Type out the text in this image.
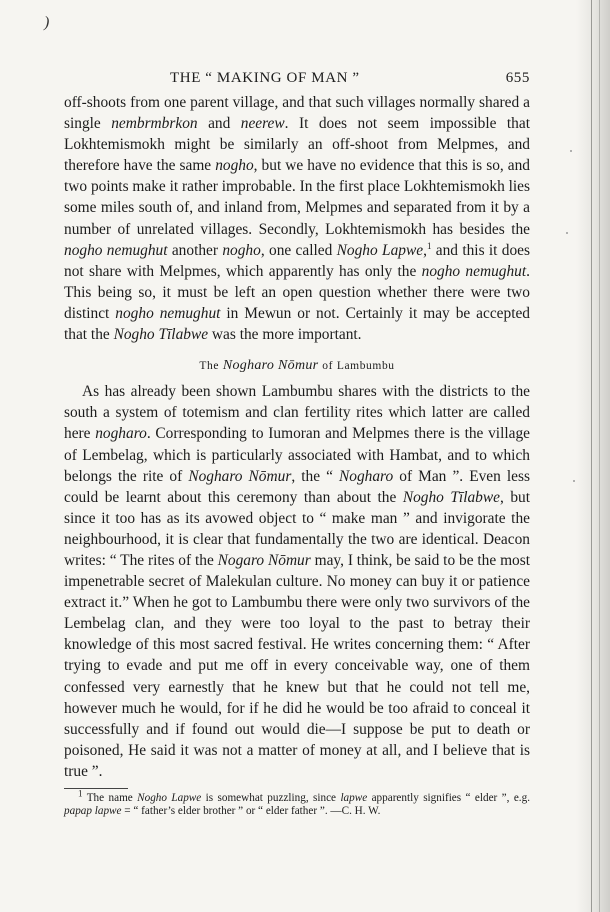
)
THE “ MAKING OF MAN ”	655

off-shoots from one parent village, and that such villages normally shared a single nembrmbrkon and neerew. It does not seem impossible that Lokhtemismokh might be similarly an off-shoot from Melpmes, and therefore have the same nogho, but we have no evidence that this is so, and two points make it rather improbable. In the first place Lokhtemismokh lies some miles south of, and inland from, Melpmes and separated from it by a number of unrelated villages. Secondly, Lokhtemismokh has besides the nogho nemughut another nogho, one called Nogho Lapwe,$^1$ and this it does not share with Melpmes, which apparently has only the nogho nemughut. This being so, it must be left an open question whether there were two distinct nogho nemughut in Mewun or not. Certainly it may be accepted that the Nogho Tīlabwe was the more important.

The Nogharo Nōmur of Lambumbu

As has already been shown Lambumbu shares with the districts to the south a system of totemism and clan fertility rites which latter are called here nogharo. Corresponding to Iumoran and Melpmes there is the village of Lembelag, which is particularly associated with Hambat, and to which belongs the rite of Nogharo Nōmur, the “ Nogharo of Man ”. Even less could be learnt about this ceremony than about the Nogho Tīlabwe, but since it too has as its avowed object to “ make man ” and invigorate the neighbourhood, it is clear that fundamentally the two are identical. Deacon writes: “ The rites of the Nogaro Nōmur may, I think, be said to be the most impenetrable secret of Malekulan culture. No money can buy it or patience extract it.” When he got to Lambumbu there were only two survivors of the Lembelag clan, and they were too loyal to the past to betray their knowledge of this most sacred festival. He writes concerning them: “ After trying to evade and put me off in every conceivable way, one of them confessed very earnestly that he knew but that he could not tell me, however much he would, for if he did he would be too afraid to conceal it successfully and if found out would die—I suppose be put to death or poisoned, He said it was not a matter of money at all, and I believe that is true ”.

$^1$ The name Nogho Lapwe is somewhat puzzling, since lapwe apparently signifies “ elder ”, e.g. papap lapwe = “ father’s elder brother ” or “ elder father ”. —C. H. W.
